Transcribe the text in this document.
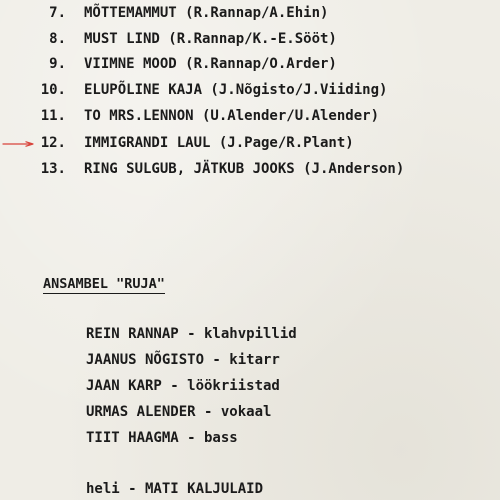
7. MÕTTEMAMMUT (R.Rannap/A.Ehin)
8. MUST LIND (R.Rannap/K.-E.Sööt)
9. VIIMNE MOOD (R.Rannap/O.Arder)
10. ELUPÕLINE KAJA (J.Nõgisto/J.Viiding)
11. TO MRS.LENNON (U.Alender/U.Alender)
12. IMMIGRANDI LAUL (J.Page/R.Plant)
13. RING SULGUB, JÄTKUB JOOKS (J.Anderson)
ANSAMBEL "RUJA"
REIN RANNAP - klahvpillid
JAANUS NÕGISTO - kitarr
JAAN KARP - löökriistad
URMAS ALENDER - vokaal
TIIT HAAGMA - bass
heli - MATI KALJULAID
